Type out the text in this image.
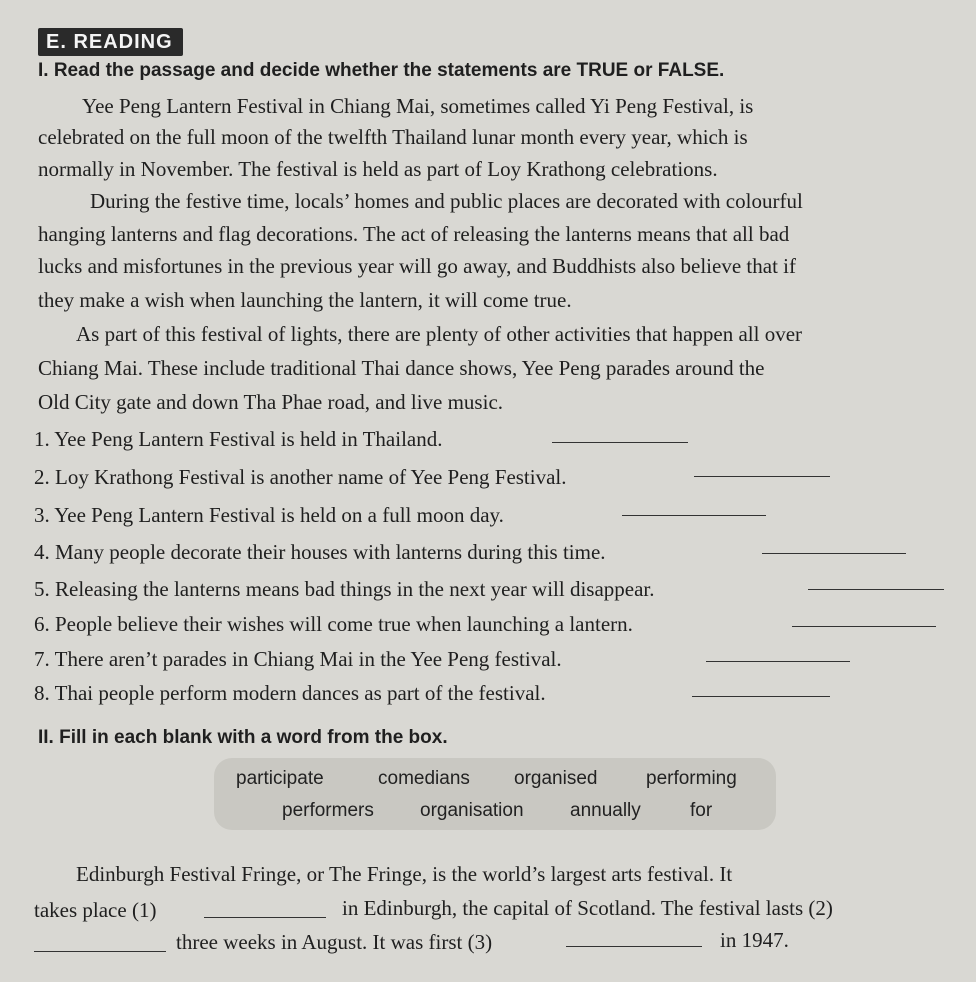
E. READING
I. Read the passage and decide whether the statements are TRUE or FALSE.
Yee Peng Lantern Festival in Chiang Mai, sometimes called Yi Peng Festival, is
celebrated on the full moon of the twelfth Thailand lunar month every year, which is
normally in November. The festival is held as part of Loy Krathong celebrations.
During the festive time, locals’ homes and public places are decorated with colourful
hanging lanterns and flag decorations. The act of releasing the lanterns means that all bad
lucks and misfortunes in the previous year will go away, and Buddhists also believe that if
they make a wish when launching the lantern, it will come true.
As part of this festival of lights, there are plenty of other activities that happen all over
Chiang Mai. These include traditional Thai dance shows, Yee Peng parades around the
Old City gate and down Tha Phae road, and live music.
1. Yee Peng Lantern Festival is held in Thailand.
2. Loy Krathong Festival is another name of Yee Peng Festival.
3. Yee Peng Lantern Festival is held on a full moon day.
4. Many people decorate their houses with lanterns during this time.
5. Releasing the lanterns means bad things in the next year will disappear.
6. People believe their wishes will come true when launching a lantern.
7. There aren’t parades in Chiang Mai in the Yee Peng festival.
8. Thai people perform modern dances as part of the festival.
II. Fill in each blank with a word from the box.
participate	comedians organised	performing
performers organisation annually	for
Edinburgh Festival Fringe, or The Fringe, is the world’s largest arts festival. It
takes place (1)	in Edinburgh, the capital of Scotland. The festival lasts (2)
three weeks in August. It was first (3)	in 1947.
